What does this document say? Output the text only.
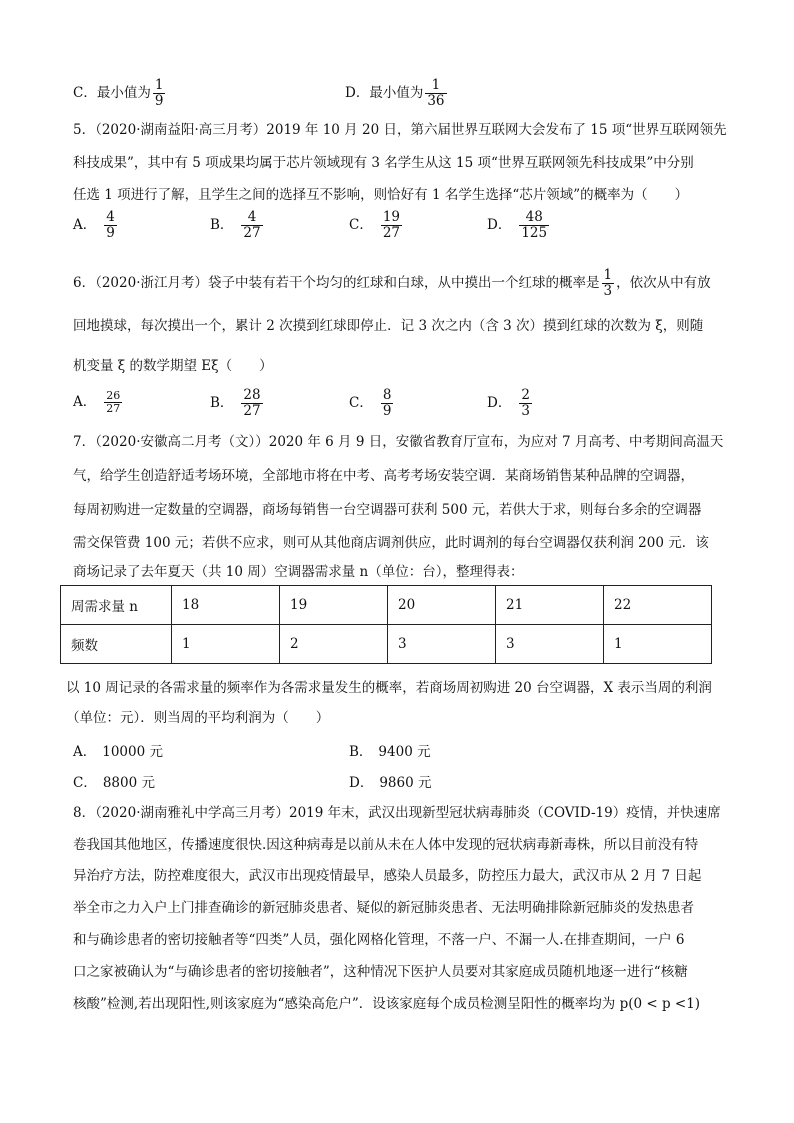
C．最小值为 $\frac{1}{9}$	D．最小值为 $\frac{1}{36}$
5．（2020·湖南益阳·高三月考）2019 年 10 月 20 日，第六届世界互联网大会发布了 15 项“世界互联网领先
科技成果”，其中有 5 项成果均属于芯片领域现有 3 名学生从这 15 项“世界互联网领先科技成果”中分别
任选 1 项进行了解，且学生之间的选择互不影响，则恰好有 1 名学生选择“芯片领域”的概率为（　　）
A． $\frac{4}{9}$	B． $\frac{4}{27}$	C． $\frac{19}{27}$	D． $\frac{48}{125}$
6．（2020·浙江月考）袋子中装有若干个均匀的红球和白球，从中摸出一个红球的概率是 $\frac{1}{3}$ ，依次从中有放
回地摸球，每次摸出一个，累计 2 次摸到红球即停止．记 3 次之内（含 3 次）摸到红球的次数为 ξ，则随
机变量 ξ 的数学期望 Eξ（　　）
A． $\frac{26}{27}$	B． $\frac{28}{27}$	C． $\frac{8}{9}$	D． $\frac{2}{3}$
7．（2020·安徽高二月考（文））2020 年 6 月 9 日，安徽省教育厅宣布，为应对 7 月高考、中考期间高温天
气，给学生创造舒适考场环境，全部地市将在中考、高考考场安装空调．某商场销售某种品牌的空调器，
每周初购进一定数量的空调器，商场每销售一台空调器可获利 500 元，若供大于求，则每台多余的空调器
需交保管费 100 元；若供不应求，则可从其他商店调剂供应，此时调剂的每台空调器仅获利润 200 元．该
商场记录了去年夏天（共 10 周）空调器需求量 n（单位：台），整理得表：
周需求量 n	18	19	20	21	22
频数	1	2	3	3	1
以 10 周记录的各需求量的频率作为各需求量发生的概率，若商场周初购进 20 台空调器，X 表示当周的利润
（单位：元）．则当周的平均利润为（　　）
A． 10000 元	B． 9400 元
C． 8800 元	D． 9860 元
8．（2020·湖南雅礼中学高三月考）2019 年末，武汉出现新型冠状病毒肺炎（COVID-19）疫情，并快速席
卷我国其他地区，传播速度很快.因这种病毒是以前从未在人体中发现的冠状病毒新毒株，所以目前没有特
异治疗方法，防控难度很大，武汉市出现疫情最早，感染人员最多，防控压力最大，武汉市从 2 月 7 日起
举全市之力入户上门排查确诊的新冠肺炎患者、疑似的新冠肺炎患者、无法明确排除新冠肺炎的发热患者
和与确诊患者的密切接触者等“四类”人员，强化网格化管理，不落一户、不漏一人.在排查期间，一户 6
口之家被确认为“与确诊患者的密切接触者”，这种情况下医护人员要对其家庭成员随机地逐一进行“核糖
核酸”检测,若出现阳性,则该家庭为“感染高危户”．设该家庭每个成员检测呈阳性的概率均为 p(0 < p <1)
